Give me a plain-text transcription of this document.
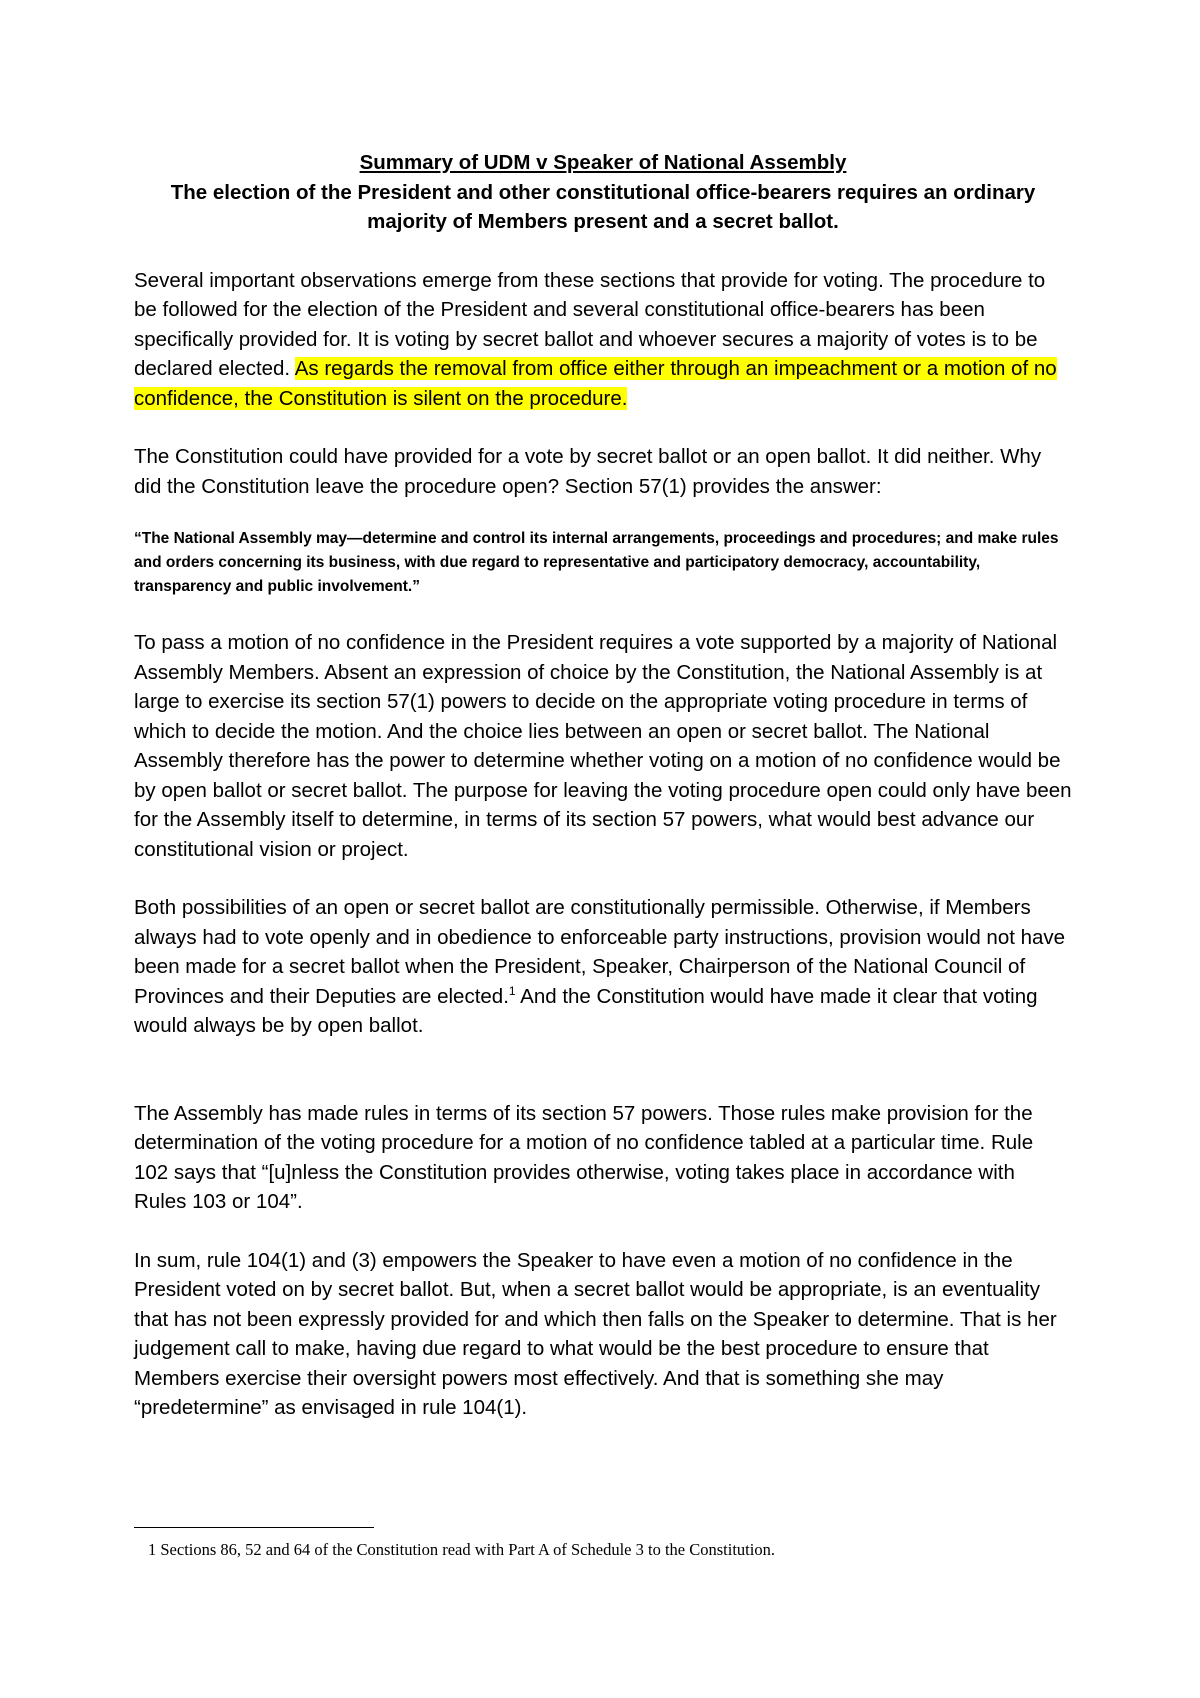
Summary of UDM v Speaker of National Assembly

The election of the President and other constitutional office-bearers requires an ordinary majority of Members present and a secret ballot.

Several important observations emerge from these sections that provide for voting. The procedure to be followed for the election of the President and several constitutional office-bearers has been specifically provided for. It is voting by secret ballot and whoever secures a majority of votes is to be declared elected. As regards the removal from office either through an impeachment or a motion of no confidence, the Constitution is silent on the procedure.

The Constitution could have provided for a vote by secret ballot or an open ballot. It did neither. Why did the Constitution leave the procedure open? Section 57(1) provides the answer:

“The National Assembly may—determine and control its internal arrangements, proceedings and procedures; and make rules and orders concerning its business, with due regard to representative and participatory democracy, accountability, transparency and public involvement.”

To pass a motion of no confidence in the President requires a vote supported by a majority of National Assembly Members. Absent an expression of choice by the Constitution, the National Assembly is at large to exercise its section 57(1) powers to decide on the appropriate voting procedure in terms of which to decide the motion. And the choice lies between an open or secret ballot. The National Assembly therefore has the power to determine whether voting on a motion of no confidence would be by open ballot or secret ballot. The purpose for leaving the voting procedure open could only have been for the Assembly itself to determine, in terms of its section 57 powers, what would best advance our constitutional vision or project.

Both possibilities of an open or secret ballot are constitutionally permissible. Otherwise, if Members always had to vote openly and in obedience to enforceable party instructions, provision would not have been made for a secret ballot when the President, Speaker, Chairperson of the National Council of Provinces and their Deputies are elected.$^1$ And the Constitution would have made it clear that voting would always be by open ballot.

The Assembly has made rules in terms of its section 57 powers. Those rules make provision for the determination of the voting procedure for a motion of no confidence tabled at a particular time. Rule 102 says that “[u]nless the Constitution provides otherwise, voting takes place in accordance with Rules 103 or 104”.

In sum, rule 104(1) and (3) empowers the Speaker to have even a motion of no confidence in the President voted on by secret ballot. But, when a secret ballot would be appropriate, is an eventuality that has not been expressly provided for and which then falls on the Speaker to determine. That is her judgement call to make, having due regard to what would be the best procedure to ensure that Members exercise their oversight powers most effectively. And that is something she may “predetermine” as envisaged in rule 104(1).

1 Sections 86, 52 and 64 of the Constitution read with Part A of Schedule 3 to the Constitution.
